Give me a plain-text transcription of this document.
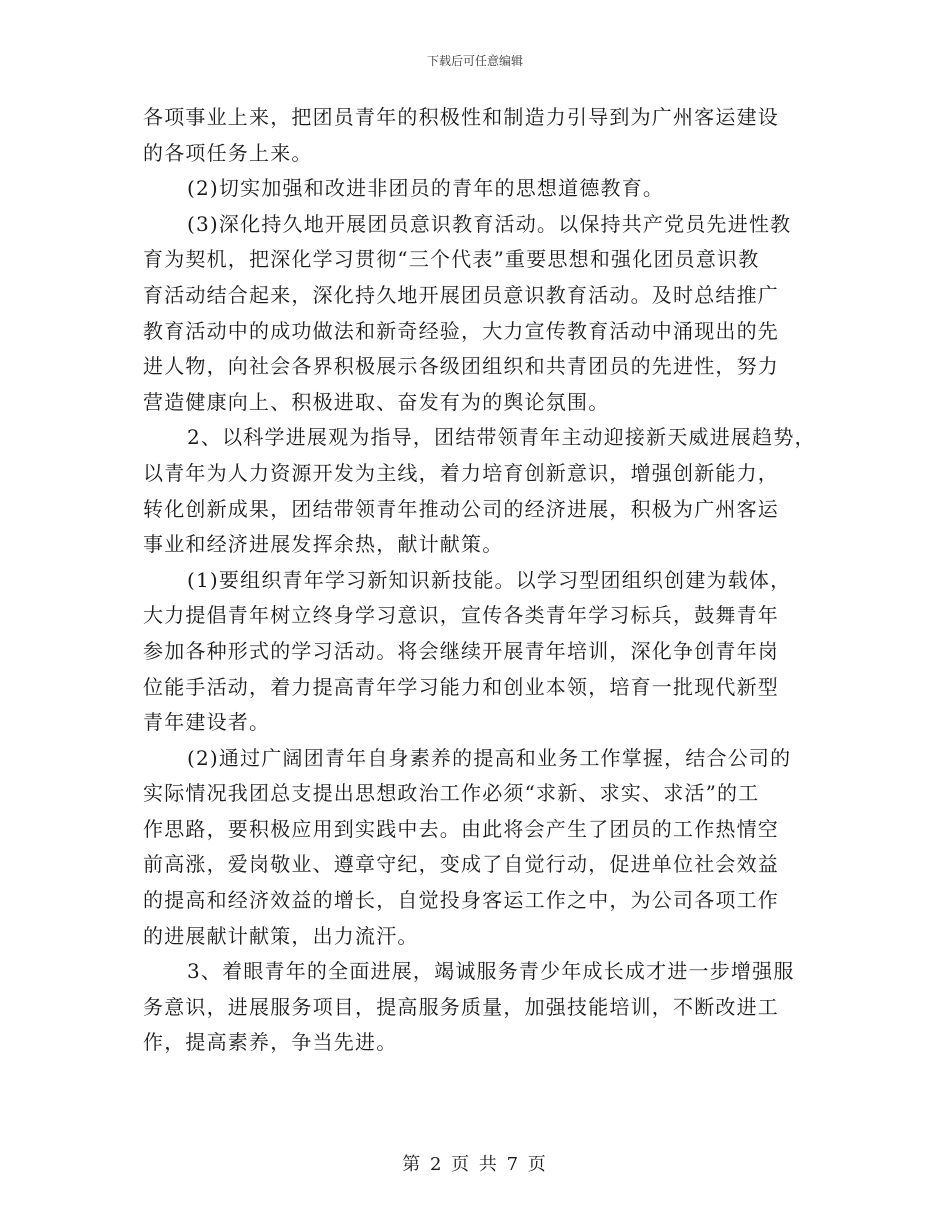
下载后可任意编辑
各项事业上来，把团员青年的积极性和制造力引导到为广州客运建设
的各项任务上来。
(2)切实加强和改进非团员的青年的思想道德教育。
(3)深化持久地开展团员意识教育活动。以保持共产党员先进性教
育为契机，把深化学习贯彻“三个代表”重要思想和强化团员意识教
育活动结合起来，深化持久地开展团员意识教育活动。及时总结推广
教育活动中的成功做法和新奇经验，大力宣传教育活动中涌现出的先
进人物，向社会各界积极展示各级团组织和共青团员的先进性，努力
营造健康向上、积极进取、奋发有为的舆论氛围。
2、以科学进展观为指导，团结带领青年主动迎接新天威进展趋势，
以青年为人力资源开发为主线，着力培育创新意识，增强创新能力，
转化创新成果，团结带领青年推动公司的经济进展，积极为广州客运
事业和经济进展发挥余热，献计献策。
(1)要组织青年学习新知识新技能。以学习型团组织创建为载体，
大力提倡青年树立终身学习意识，宣传各类青年学习标兵，鼓舞青年
参加各种形式的学习活动。将会继续开展青年培训，深化争创青年岗
位能手活动，着力提高青年学习能力和创业本领，培育一批现代新型
青年建设者。
(2)通过广阔团青年自身素养的提高和业务工作掌握，结合公司的
实际情况我团总支提出思想政治工作必须“求新、求实、求活”的工
作思路，要积极应用到实践中去。由此将会产生了团员的工作热情空
前高涨，爱岗敬业、遵章守纪，变成了自觉行动，促进单位社会效益
的提高和经济效益的增长，自觉投身客运工作之中，为公司各项工作
的进展献计献策，出力流汗。
3、着眼青年的全面进展，竭诚服务青少年成长成才进一步增强服
务意识，进展服务项目，提高服务质量，加强技能培训，不断改进工
作，提高素养，争当先进。
第 2 页 共 7 页
